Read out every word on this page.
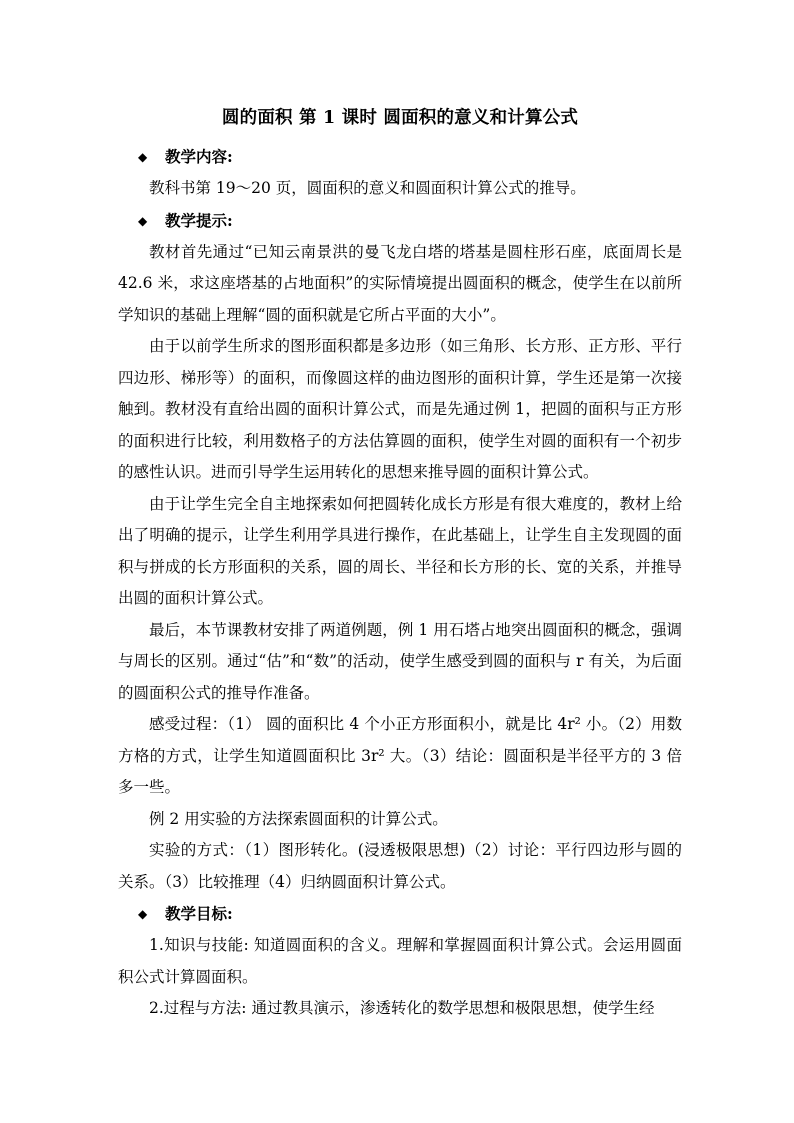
圆的面积 第 1 课时 圆面积的意义和计算公式
◆ 教学内容:

教科书第 19～20 页，圆面积的意义和圆面积计算公式的推导。

◆ 教学提示:

教材首先通过“已知云南景洪的曼飞龙白塔的塔基是圆柱形石座，底面周长是 42.6 米，求这座塔基的占地面积”的实际情境提出圆面积的概念，使学生在以前所学知识的基础上理解“圆的面积就是它所占平面的大小”。

由于以前学生所求的图形面积都是多边形（如三角形、长方形、正方形、平行四边形、梯形等）的面积，而像圆这样的曲边图形的面积计算，学生还是第一次接触到。教材没有直给出圆的面积计算公式，而是先通过例 1，把圆的面积与正方形的面积进行比较，利用数格子的方法估算圆的面积，使学生对圆的面积有一个初步的感性认识。进而引导学生运用转化的思想来推导圆的面积计算公式。

由于让学生完全自主地探索如何把圆转化成长方形是有很大难度的，教材上给出了明确的提示，让学生利用学具进行操作，在此基础上，让学生自主发现圆的面积与拼成的长方形面积的关系，圆的周长、半径和长方形的长、宽的关系，并推导出圆的面积计算公式。

最后，本节课教材安排了两道例题，例 1 用石塔占地突出圆面积的概念，强调与周长的区别。通过“估”和“数”的活动，使学生感受到圆的面积与 r 有关，为后面的圆面积公式的推导作准备。

感受过程：（1） 圆的面积比 4 个小正方形面积小，就是比 4r² 小。（2）用数方格的方式，让学生知道圆面积比 3r² 大。（3）结论：圆面积是半径平方的 3 倍多一些。

例 2 用实验的方法探索圆面积的计算公式。

实验的方式：（1）图形转化。(浸透极限思想)（2）讨论：平行四边形与圆的关系。（3）比较推理（4）归纳圆面积计算公式。

◆ 教学目标:

1.知识与技能: 知道圆面积的含义。理解和掌握圆面积计算公式。会运用圆面积公式计算圆面积。

2.过程与方法: 通过教具演示，渗透转化的数学思想和极限思想，使学生经
